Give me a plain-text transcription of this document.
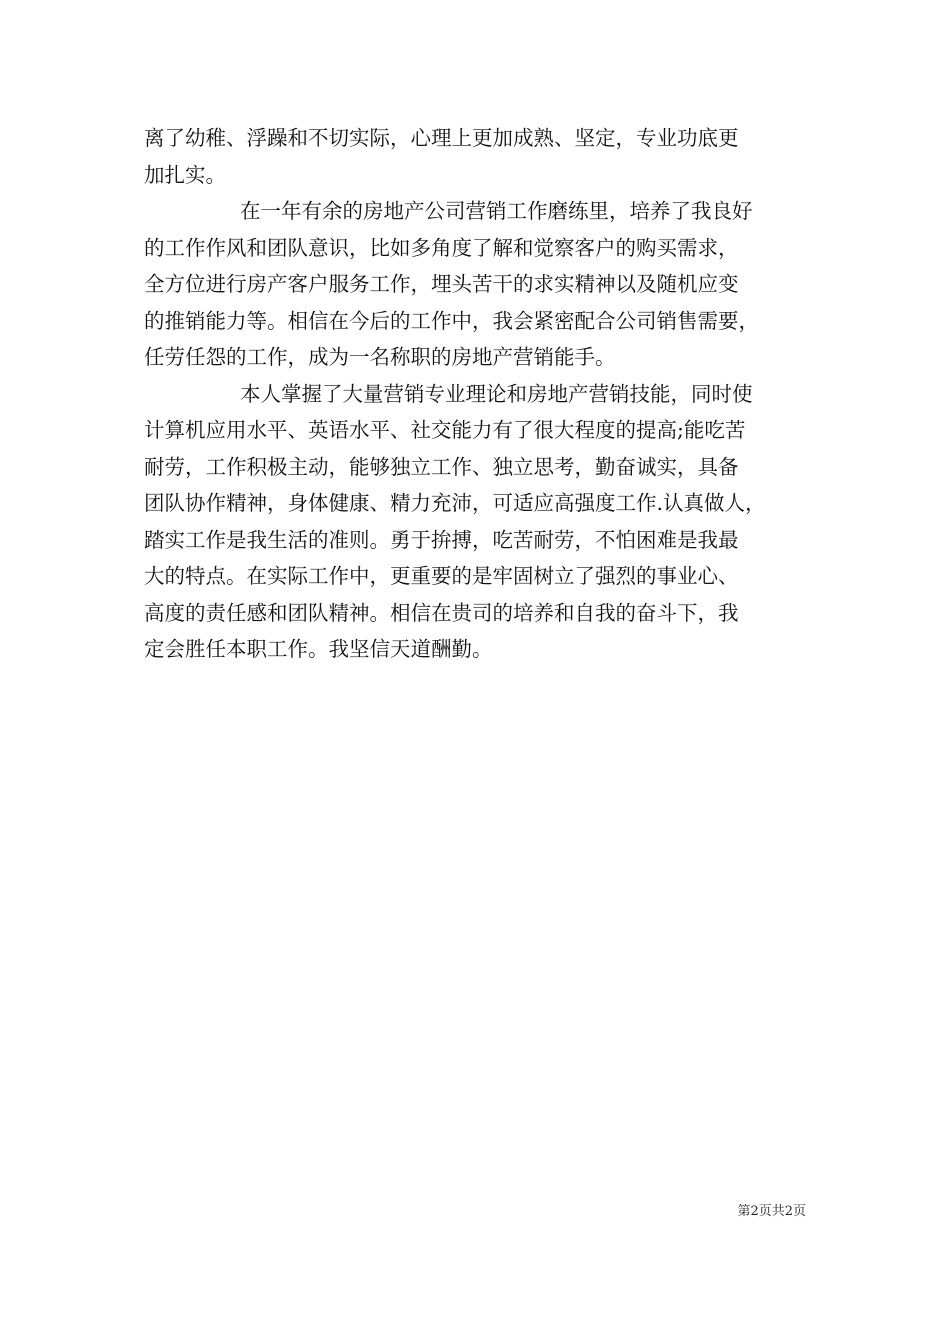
离了幼稚、浮躁和不切实际，心理上更加成熟、坚定，专业功底更
加扎实。
在一年有余的房地产公司营销工作磨练里，培养了我良好
的工作作风和团队意识，比如多角度了解和觉察客户的购买需求，
全方位进行房产客户服务工作，埋头苦干的求实精神以及随机应变
的推销能力等。相信在今后的工作中，我会紧密配合公司销售需要，
任劳任怨的工作，成为一名称职的房地产营销能手。
本人掌握了大量营销专业理论和房地产营销技能，同时使
计算机应用水平、英语水平、社交能力有了很大程度的提高;能吃苦
耐劳，工作积极主动，能够独立工作、独立思考，勤奋诚实，具备
团队协作精神，身体健康、精力充沛，可适应高强度工作.认真做人，
踏实工作是我生活的准则。勇于拚搏，吃苦耐劳，不怕困难是我最
大的特点。在实际工作中，更重要的是牢固树立了强烈的事业心、
高度的责任感和团队精神。相信在贵司的培养和自我的奋斗下，我
定会胜任本职工作。我坚信天道酬勤。
第2页共2页
